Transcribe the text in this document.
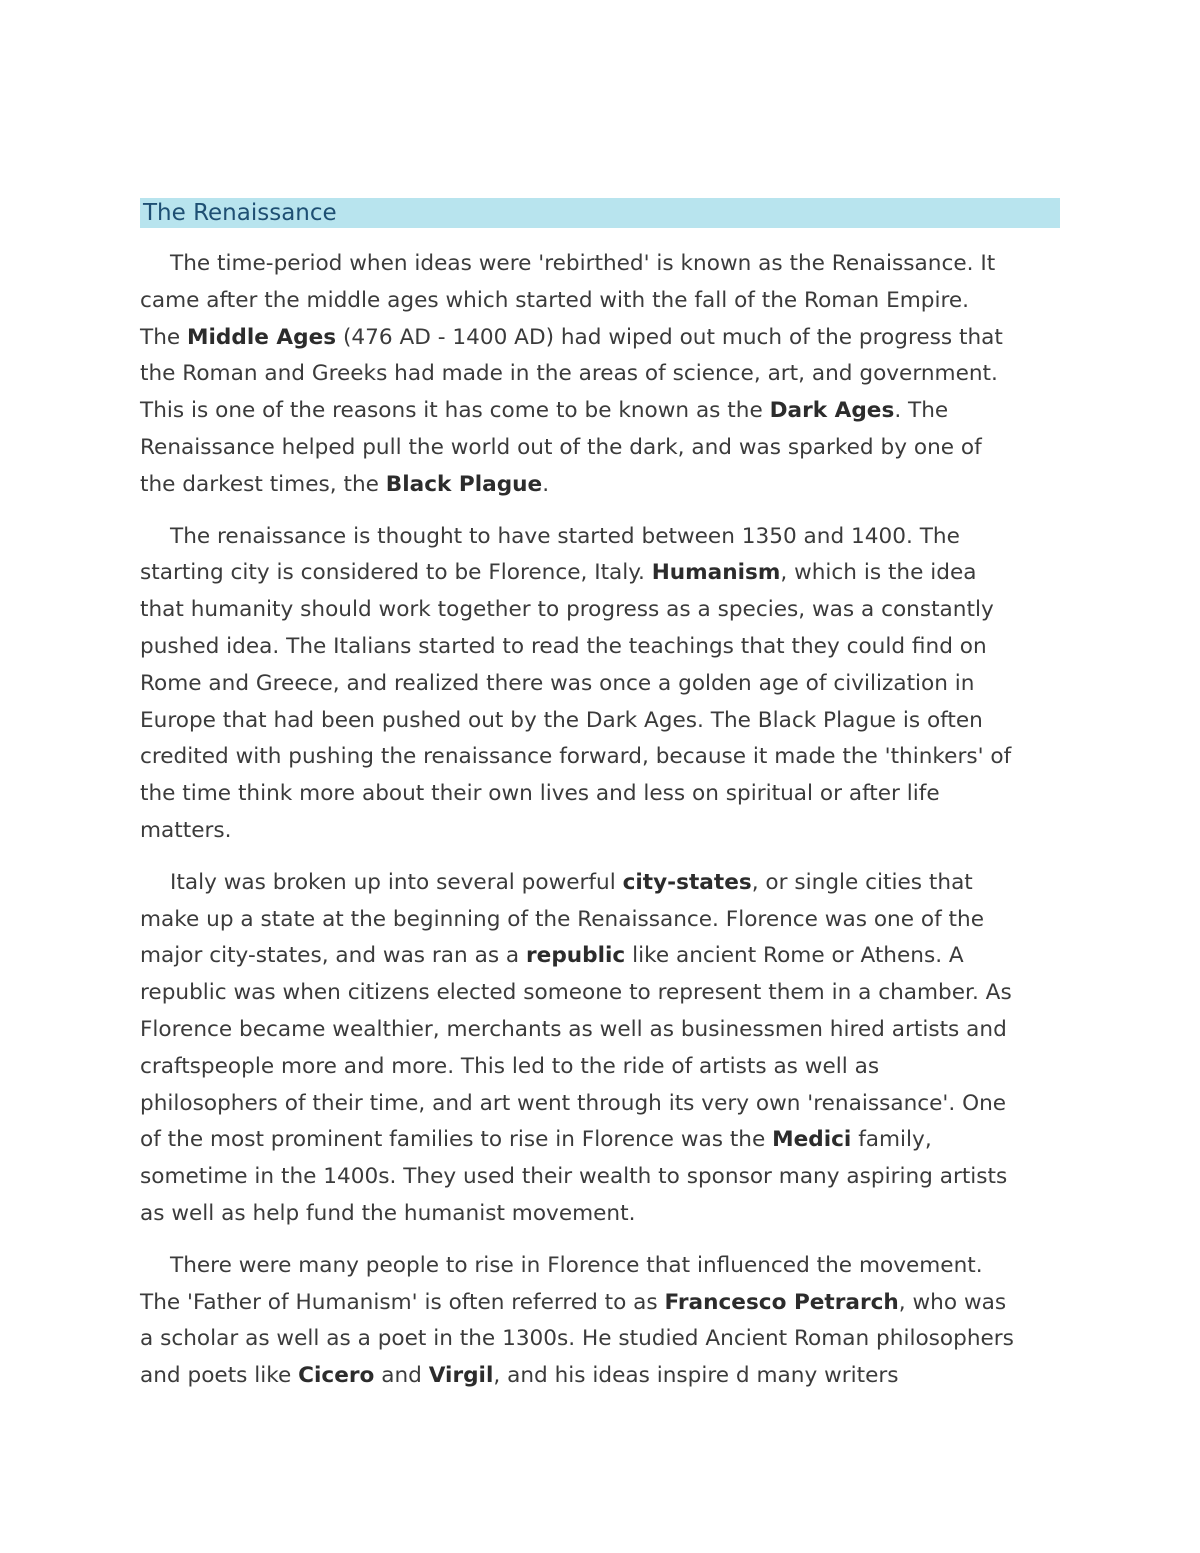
The Renaissance
The time-period when ideas were 'rebirthed' is known as the Renaissance. It
came after the middle ages which started with the fall of the Roman Empire.
The Middle Ages (476 AD - 1400 AD) had wiped out much of the progress that
the Roman and Greeks had made in the areas of science, art, and government.
This is one of the reasons it has come to be known as the Dark Ages. The
Renaissance helped pull the world out of the dark, and was sparked by one of
the darkest times, the Black Plague.
The renaissance is thought to have started between 1350 and 1400. The
starting city is considered to be Florence, Italy. Humanism, which is the idea
that humanity should work together to progress as a species, was a constantly
pushed idea. The Italians started to read the teachings that they could find on
Rome and Greece, and realized there was once a golden age of civilization in
Europe that had been pushed out by the Dark Ages. The Black Plague is often
credited with pushing the renaissance forward, because it made the 'thinkers' of
the time think more about their own lives and less on spiritual or after life
matters.
Italy was broken up into several powerful city-states, or single cities that
make up a state at the beginning of the Renaissance. Florence was one of the
major city-states, and was ran as a republic like ancient Rome or Athens. A
republic was when citizens elected someone to represent them in a chamber. As
Florence became wealthier, merchants as well as businessmen hired artists and
craftspeople more and more. This led to the ride of artists as well as
philosophers of their time, and art went through its very own 'renaissance'. One
of the most prominent families to rise in Florence was the Medici family,
sometime in the 1400s. They used their wealth to sponsor many aspiring artists
as well as help fund the humanist movement.
There were many people to rise in Florence that influenced the movement.
The 'Father of Humanism' is often referred to as Francesco Petrarch, who was
a scholar as well as a poet in the 1300s. He studied Ancient Roman philosophers
and poets like Cicero and Virgil, and his ideas inspire d many writers
